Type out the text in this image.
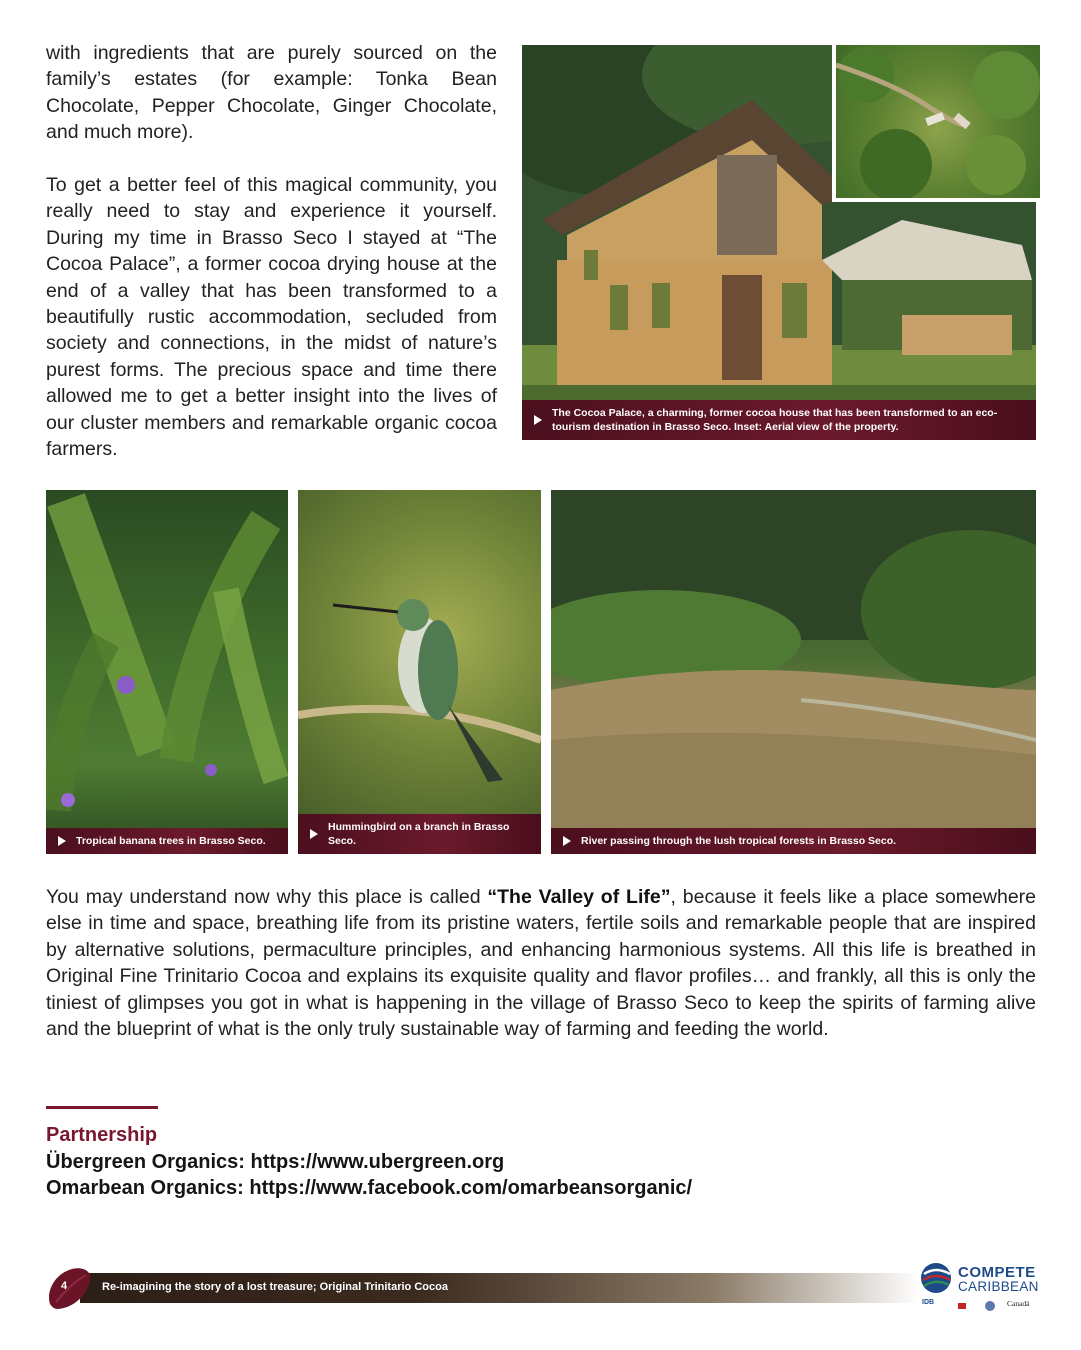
with ingredients that are purely sourced on the family’s estates (for example: Tonka Bean Chocolate, Pepper Chocolate, Ginger Chocolate, and much more).

To get a better feel of this magical community, you really need to stay and experience it yourself. During my time in Brasso Seco I stayed at “The Cocoa Palace”, a former cocoa drying house at the end of a valley that has been transformed to a beautifully rustic accommodation, secluded from society and connections, in the midst of nature’s purest forms. The precious space and time there allowed me to get a better insight into the lives of our cluster members and remarkable organic cocoa farmers.

The Cocoa Palace, a charming, former cocoa house that has been transformed to an eco-tourism destination in Brasso Seco. Inset: Aerial view of the property.
Tropical banana trees in Brasso Seco.
Hummingbird on a branch in Brasso Seco.	River passing through the lush tropical forests in Brasso Seco.

You may understand now why this place is called “The Valley of Life”, because it feels like a place somewhere else in time and space, breathing life from its pristine waters, fertile soils and remarkable people that are inspired by alternative solutions, permaculture principles, and enhancing harmonious systems. All this life is breathed in Original Fine Trinitario Cocoa and explains its exquisite quality and flavor profiles… and frankly, all this is only the tiniest of glimpses you got in what is happening in the village of Brasso Seco to keep the spirits of farming alive and the blueprint of what is the only truly sustainable way of farming and feeding the world.

Partnership
Übergreen Organics: https://www.ubergreen.org
Omarbean Organics: https://www.facebook.com/omarbeansorganic/
4	Re-imagining the story of a lost treasure; Original Trinitario Cocoa
COMPETE
CARIBBEAN
IDB	Canadä
